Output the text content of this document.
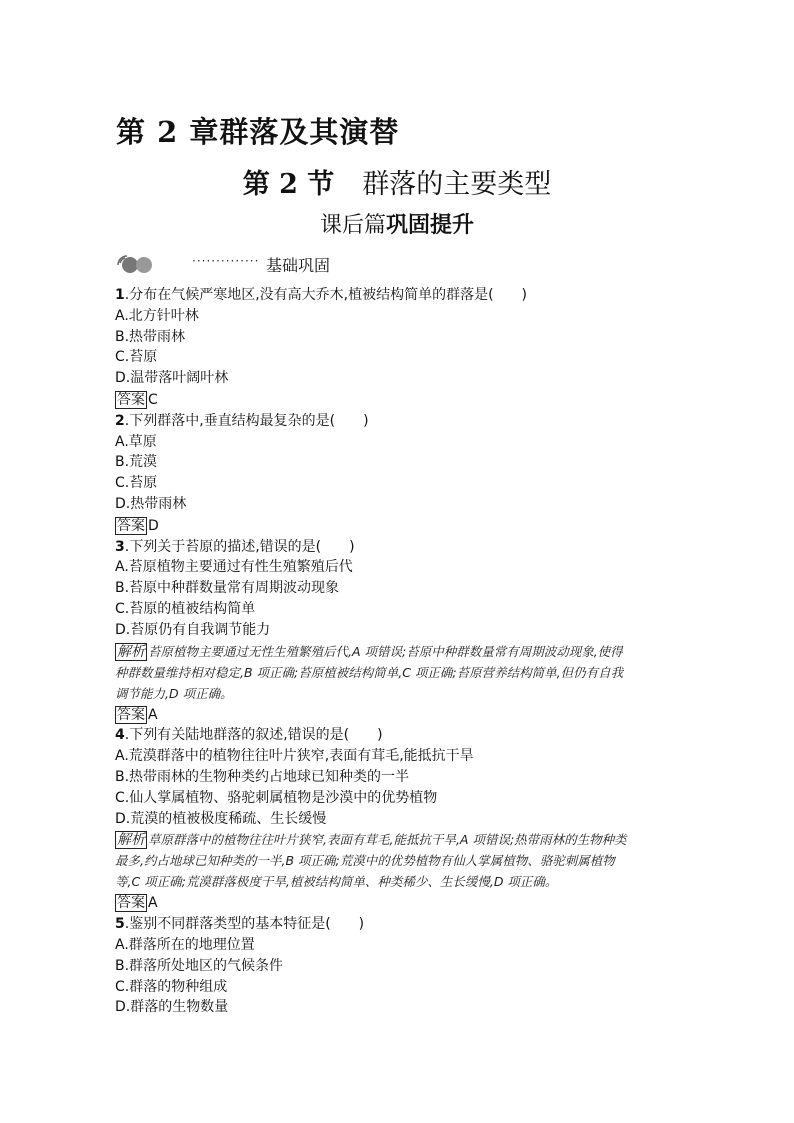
第 2 章群落及其演替
第 2 节 群落的主要类型
课后篇巩固提升
·············· 基础巩固
1.分布在气候严寒地区,没有高大乔木,植被结构简单的群落是(　　)
A.北方针叶林
B.热带雨林
C.苔原
D.温带落叶阔叶林
答案 C
2.下列群落中,垂直结构最复杂的是(　　)
A.草原
B.荒漠
C.苔原
D.热带雨林
答案 D
3.下列关于苔原的描述,错误的是(　　)
A.苔原植物主要通过有性生殖繁殖后代
B.苔原中种群数量常有周期波动现象
C.苔原的植被结构简单
D.苔原仍有自我调节能力
解析 苔原植物主要通过无性生殖繁殖后代,A 项错误;苔原中种群数量常有周期波动现象,使得
种群数量维持相对稳定,B 项正确;苔原植被结构简单,C 项正确;苔原营养结构简单,但仍有自我
调节能力,D 项正确。
答案 A
4.下列有关陆地群落的叙述,错误的是(　　)
A.荒漠群落中的植物往往叶片狭窄,表面有茸毛,能抵抗干旱
B.热带雨林的生物种类约占地球已知种类的一半
C.仙人掌属植物、骆驼刺属植物是沙漠中的优势植物
D.荒漠的植被极度稀疏、生长缓慢
解析 草原群落中的植物往往叶片狭窄,表面有茸毛,能抵抗干旱,A 项错误;热带雨林的生物种类
最多,约占地球已知种类的一半,B 项正确;荒漠中的优势植物有仙人掌属植物、骆驼刺属植物
等,C 项正确;荒漠群落极度干旱,植被结构简单、种类稀少、生长缓慢,D 项正确。
答案 A
5.鉴别不同群落类型的基本特征是(　　)
A.群落所在的地理位置
B.群落所处地区的气候条件
C.群落的物种组成
D.群落的生物数量
